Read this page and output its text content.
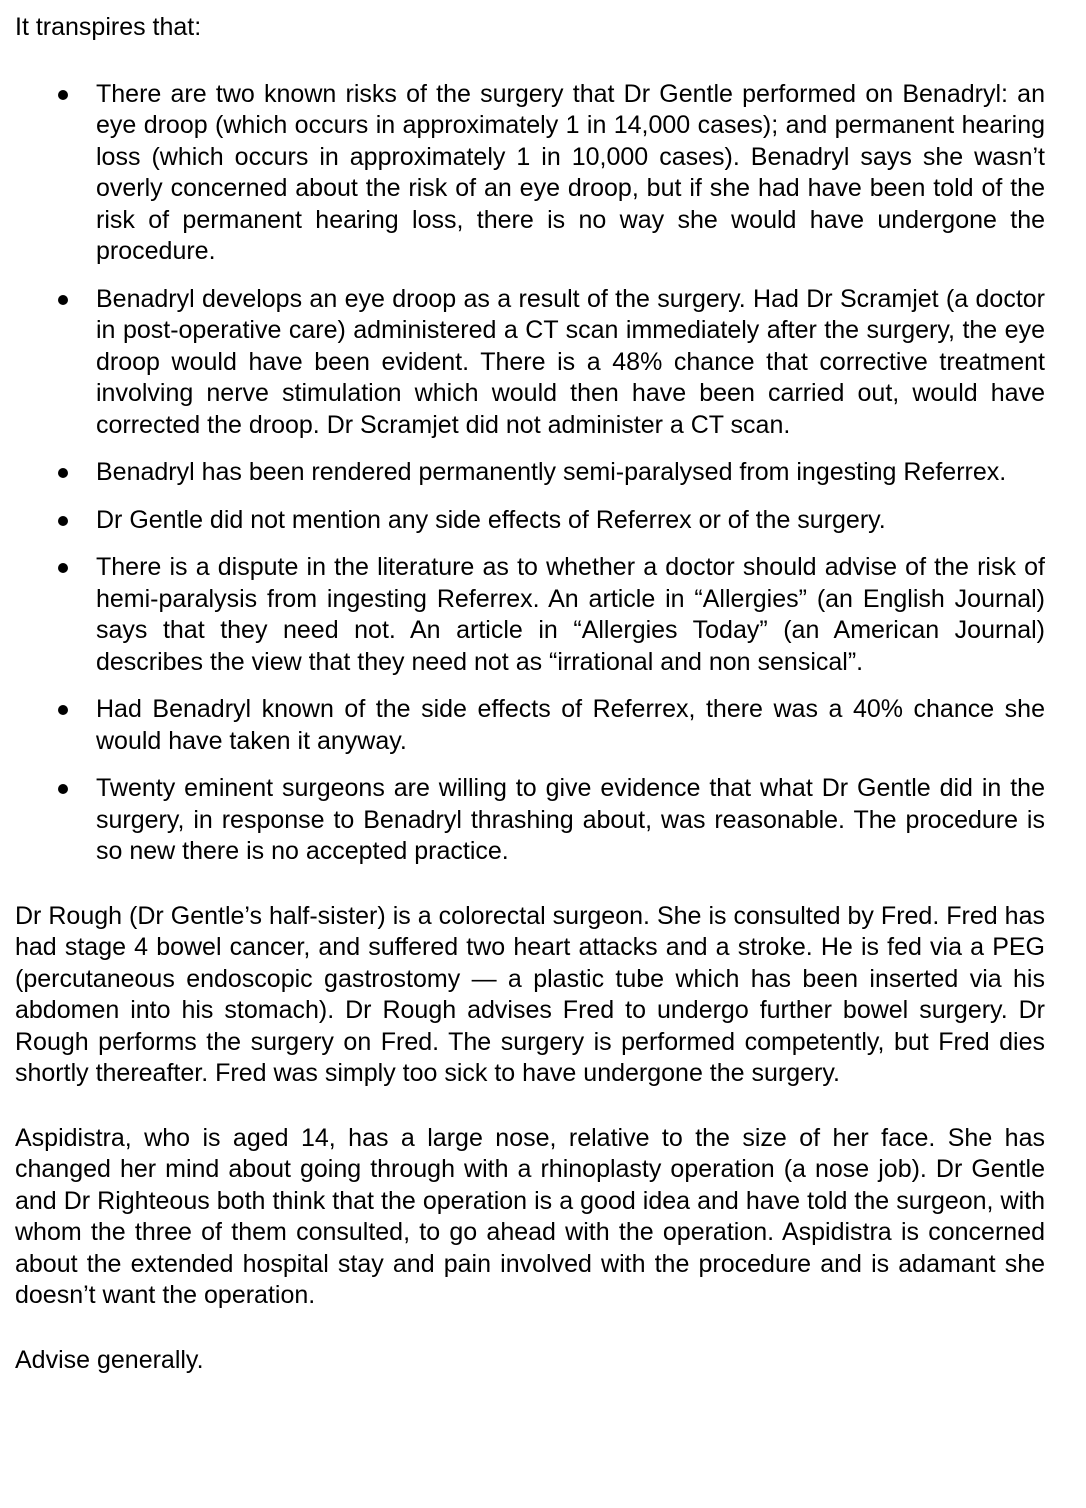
It transpires that:

There are two known risks of the surgery that Dr Gentle performed on Benadryl: an eye droop (which occurs in approximately 1 in 14,000 cases); and permanent hearing loss (which occurs in approximately 1 in 10,000 cases). Benadryl says she wasn’t overly concerned about the risk of an eye droop, but if she had have been told of the risk of permanent hearing loss, there is no way she would have undergone the procedure.
Benadryl develops an eye droop as a result of the surgery. Had Dr Scramjet (a doctor in post-operative care) administered a CT scan immediately after the surgery, the eye droop would have been evident. There is a 48% chance that corrective treatment involving nerve stimulation which would then have been carried out, would have corrected the droop. Dr Scramjet did not administer a CT scan.
Benadryl has been rendered permanently semi-paralysed from ingesting Referrex.
Dr Gentle did not mention any side effects of Referrex or of the surgery.
There is a dispute in the literature as to whether a doctor should advise of the risk of hemi-paralysis from ingesting Referrex. An article in “Allergies” (an English Journal) says that they need not. An article in “Allergies Today” (an American Journal) describes the view that they need not as “irrational and non sensical”.
Had Benadryl known of the side effects of Referrex, there was a 40% chance she would have taken it anyway.
Twenty eminent surgeons are willing to give evidence that what Dr Gentle did in the surgery, in response to Benadryl thrashing about, was reasonable. The procedure is so new there is no accepted practice.

Dr Rough (Dr Gentle’s half-sister) is a colorectal surgeon. She is consulted by Fred. Fred has had stage 4 bowel cancer, and suffered two heart attacks and a stroke. He is fed via a PEG (percutaneous endoscopic gastrostomy — a plastic tube which has been inserted via his abdomen into his stomach). Dr Rough advises Fred to undergo further bowel surgery. Dr Rough performs the surgery on Fred. The surgery is performed competently, but Fred dies shortly thereafter. Fred was simply too sick to have undergone the surgery.

Aspidistra, who is aged 14, has a large nose, relative to the size of her face. She has changed her mind about going through with a rhinoplasty operation (a nose job). Dr Gentle and Dr Righteous both think that the operation is a good idea and have told the surgeon, with whom the three of them consulted, to go ahead with the operation. Aspidistra is concerned about the extended hospital stay and pain involved with the procedure and is adamant she doesn’t want the operation.

Advise generally.
